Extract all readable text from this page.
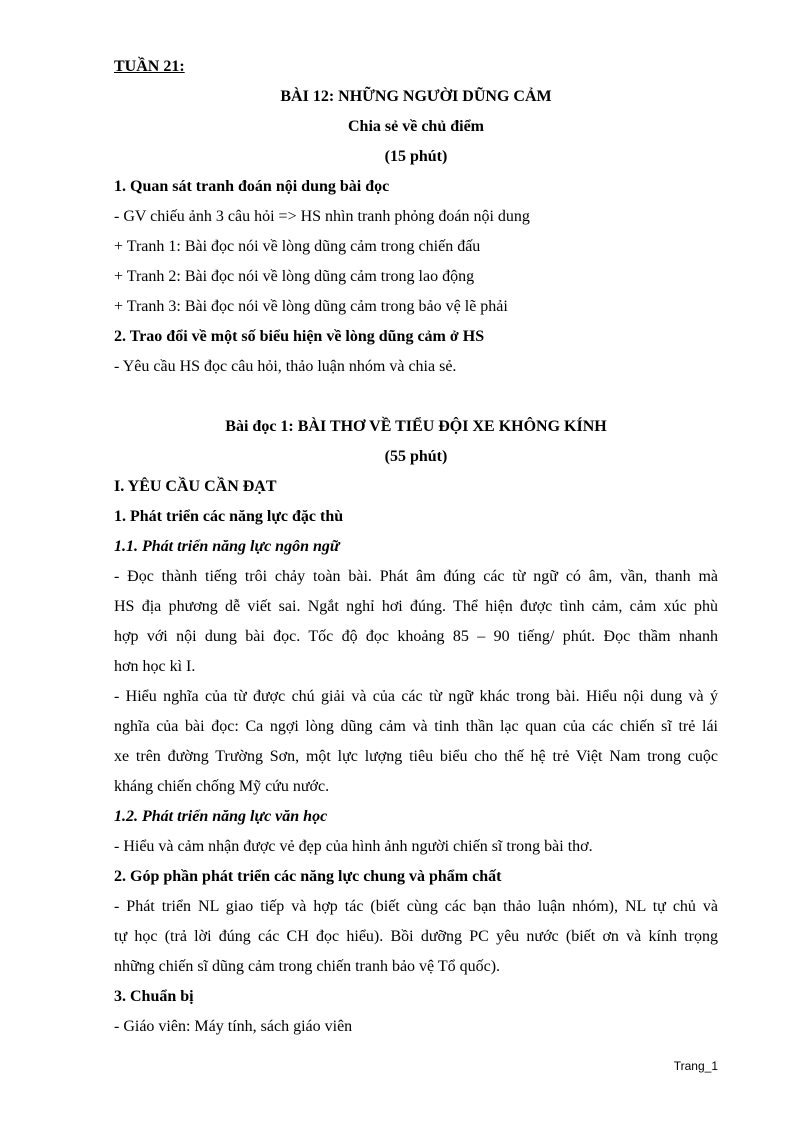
TUẦN 21:
BÀI 12: NHỮNG NGƯỜI DŨNG CẢM
Chia sẻ về chủ điểm
(15 phút)
1. Quan sát tranh đoán nội dung bài đọc
- GV chiếu ảnh 3 câu hỏi => HS nhìn tranh phỏng đoán nội dung
+ Tranh 1: Bài đọc nói về lòng dũng cảm trong chiến đấu
+ Tranh 2: Bài đọc nói về lòng dũng cảm trong lao động
+ Tranh 3: Bài đọc nói về lòng dũng cảm trong bảo vệ lẽ phải
2. Trao đổi về một số biểu hiện về lòng dũng cảm ở HS
- Yêu cầu HS đọc câu hỏi, thảo luận nhóm và chia sẻ.
Bài đọc 1: BÀI THƠ VỀ TIỂU ĐỘI XE KHÔNG KÍNH
(55 phút)
I. YÊU CẦU CẦN ĐẠT
1. Phát triển các năng lực đặc thù
1.1. Phát triển năng lực ngôn ngữ

- Đọc thành tiếng trôi chảy toàn bài. Phát âm đúng các từ ngữ có âm, vần, thanh mà

HS địa phương dễ viết sai. Ngắt nghỉ hơi đúng. Thể hiện được tình cảm, cảm xúc phù

hợp với nội dung bài đọc. Tốc độ đọc khoảng 85 – 90 tiếng/ phút. Đọc thầm nhanh

hơn học kì I.

- Hiểu nghĩa của từ được chú giải và của các từ ngữ khác trong bài. Hiểu nội dung và ý

nghĩa của bài đọc: Ca ngợi lòng dũng cảm và tinh thần lạc quan của các chiến sĩ trẻ lái

xe trên đường Trường Sơn, một lực lượng tiêu biểu cho thế hệ trẻ Việt Nam trong cuộc

kháng chiến chống Mỹ cứu nước.

1.2. Phát triển năng lực văn học
- Hiểu và cảm nhận được vẻ đẹp của hình ảnh người chiến sĩ trong bài thơ.
2. Góp phần phát triển các năng lực chung và phẩm chất

- Phát triển NL giao tiếp và hợp tác (biết cùng các bạn thảo luận nhóm), NL tự chủ và

tự học (trả lời đúng các CH đọc hiểu). Bồi dưỡng PC yêu nước (biết ơn và kính trọng

những chiến sĩ dũng cảm trong chiến tranh bảo vệ Tổ quốc).

3. Chuẩn bị
- Giáo viên: Máy tính, sách giáo viên
Trang_1
